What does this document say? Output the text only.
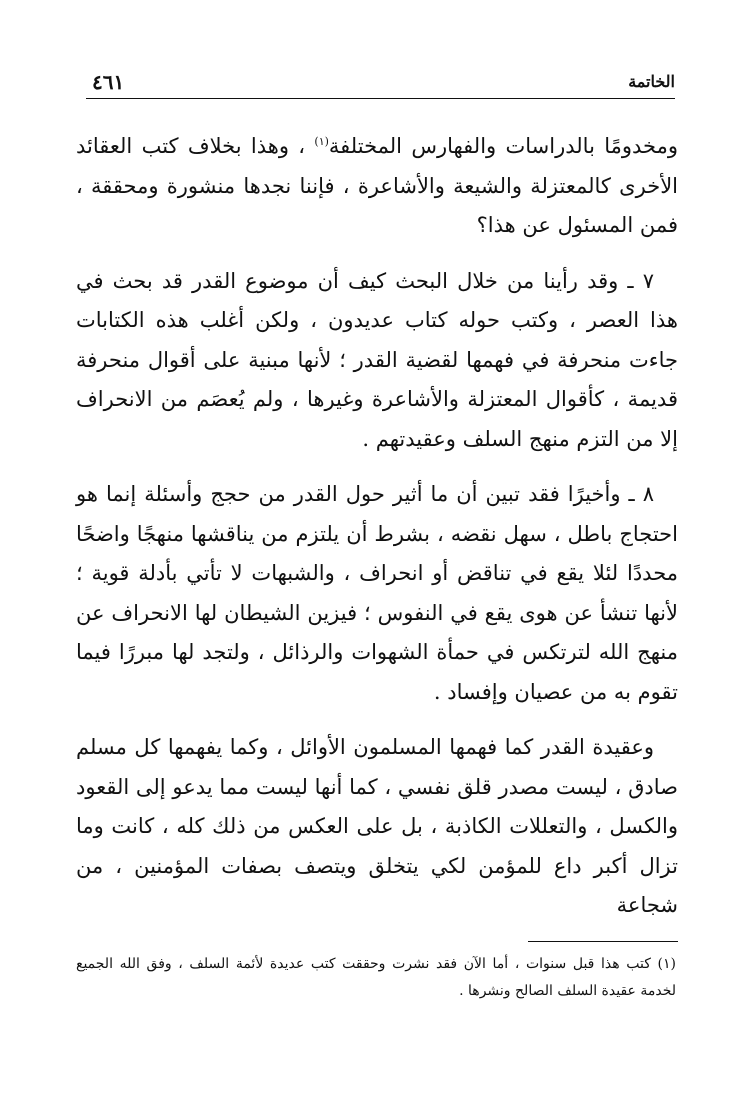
الخاتمة
٤٦١

ومخدومًا بالدراسات والفهارس المختلفة$^{(١)}$ ، وهذا بخلاف كتب العقائد الأخرى كالمعتزلة والشيعة والأشاعرة ، فإننا نجدها منشورة ومحققة ، فمن المسئول عن هذا؟

٧ ـ وقد رأينا من خلال البحث كيف أن موضوع القدر قد بحث في هذا العصر ، وكتب حوله كتاب عديدون ، ولكن أغلب هذه الكتابات جاءت منحرفة في فهمها لقضية القدر ؛ لأنها مبنية على أقوال منحرفة قديمة ، كأقوال المعتزلة والأشاعرة وغيرها ، ولم يُعصَم من الانحراف إلا من التزم منهج السلف وعقيدتهم .

٨ ـ وأخيرًا فقد تبين أن ما أثير حول القدر من حجج وأسئلة إنما هو احتجاج باطل ، سهل نقضه ، بشرط أن يلتزم من يناقشها منهجًا واضحًا محددًا لئلا يقع في تناقض أو انحراف ، والشبهات لا تأتي بأدلة قوية ؛ لأنها تنشأ عن هوى يقع في النفوس ؛ فيزين الشيطان لها الانحراف عن منهج الله لترتكس في حمأة الشهوات والرذائل ، ولتجد لها مبررًا فيما تقوم به من عصيان وإفساد .

وعقيدة القدر كما فهمها المسلمون الأوائل ، وكما يفهمها كل مسلم صادق ، ليست مصدر قلق نفسي ، كما أنها ليست مما يدعو إلى القعود والكسل ، والتعللات الكاذبة ، بل على العكس من ذلك كله ، كانت وما تزال أكبر داع للمؤمن لكي يتخلق ويتصف بصفات المؤمنين ، من شجاعة

(١) كتب هذا قبل سنوات ، أما الآن فقد نشرت وحققت كتب عديدة لأئمة السلف ، وفق الله الجميع لخدمة عقيدة السلف الصالح ونشرها .
